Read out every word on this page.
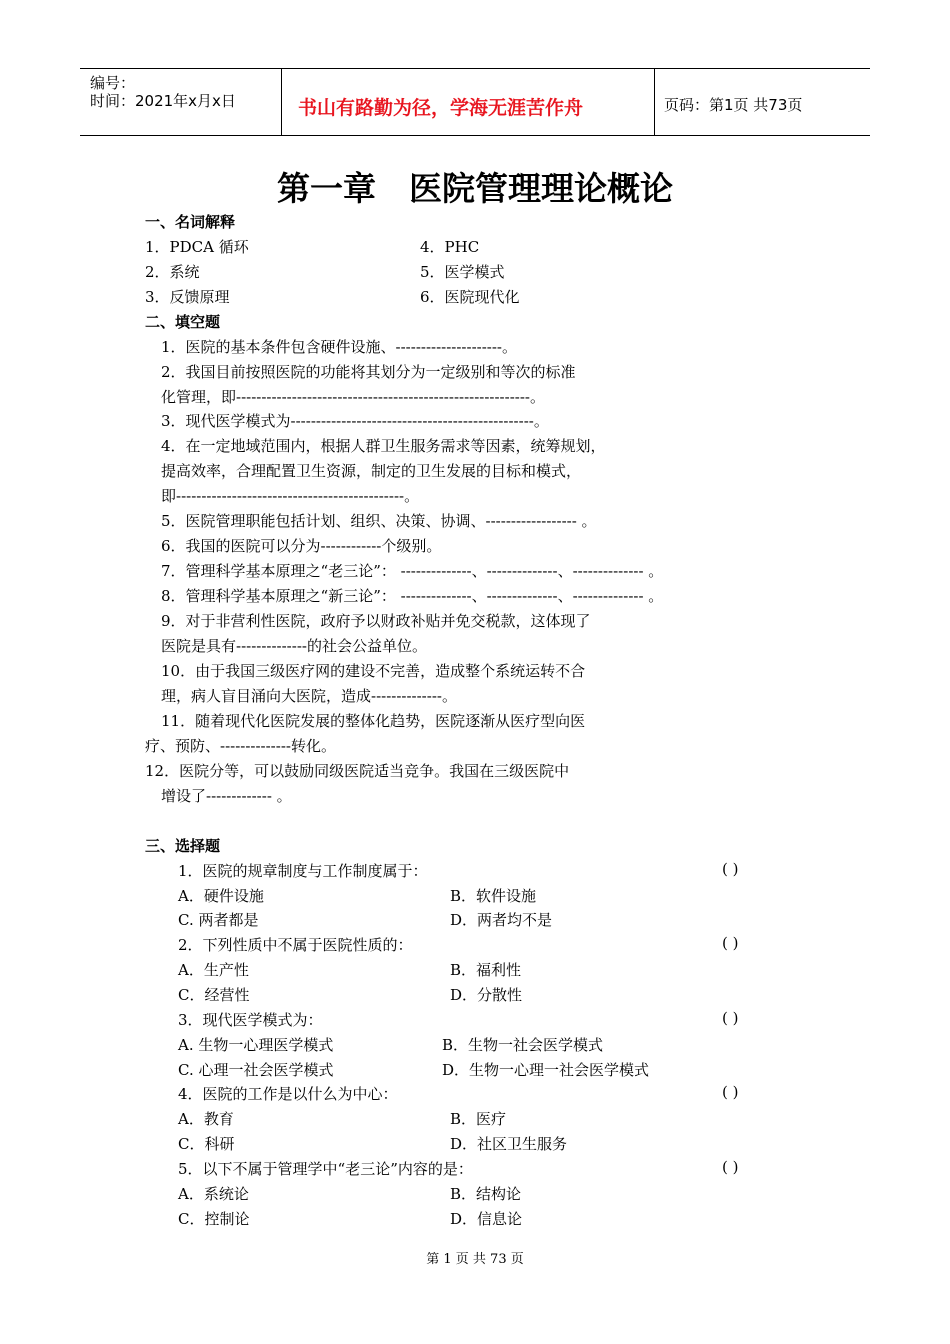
编号：
时间：2021年x月x日	书山有路勤为径，学海无涯苦作舟	页码：第1页 共73页
第一章　医院管理理论概论
一、名词解释
1．PDCA 循环	4．PHC
2．系统	5．医学模式
3．反馈原理	6．医院现代化
二、填空题
1．医院的基本条件包含硬件设施、---------------------。
2．我国目前按照医院的功能将其划分为一定级别和等次的标准
化管理，即----------------------------------------------------------。
3．现代医学模式为------------------------------------------------。
4．在一定地域范围内，根据人群卫生服务需求等因素，统筹规划，
提高效率，合理配置卫生资源，制定的卫生发展的目标和模式，
即---------------------------------------------。
5．医院管理职能包括计划、组织、决策、协调、------------------ 。
6．我国的医院可以分为------------个级别。
7．管理科学基本原理之“老三论”： --------------、--------------、-------------- 。
8．管理科学基本原理之“新三论”： --------------、--------------、-------------- 。
9．对于非营利性医院，政府予以财政补贴并免交税款，这体现了
医院是具有--------------的社会公益单位。
10．由于我国三级医疗网的建设不完善，造成整个系统运转不合
理，病人盲目涌向大医院，造成--------------。
11．随着现代化医院发展的整体化趋势，医院逐渐从医疗型向医
疗、预防、--------------转化。
12．医院分等，可以鼓励同级医院适当竞争。我国在三级医院中
增设了------------- 。
三、选择题
1．医院的规章制度与工作制度属于：	( )
A．硬件设施	B．软件设施
C. 两者都是	D．两者均不是
2．下列性质中不属于医院性质的：	( )
A．生产性	B．福利性
C．经营性	D．分散性
3．现代医学模式为：	( )
A. 生物一心理医学模式	B．生物一社会医学模式
C. 心理一社会医学模式	D．生物一心理一社会医学模式
4．医院的工作是以什么为中心：	( )
A．教育	B．医疗
C．科研	D．社区卫生服务
5．以下不属于管理学中“老三论”内容的是：	( )
A．系统论	B．结构论
C．控制论	D．信息论
第 1 页 共 73 页
